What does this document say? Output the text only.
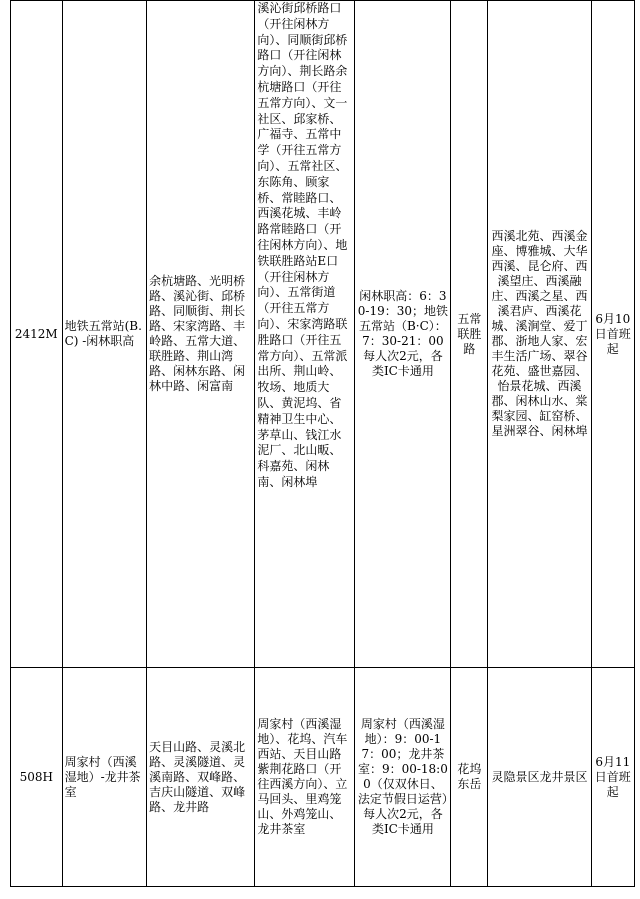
2412M	地铁五常站(B.C) -闲林职高	余杭塘路、光明桥路、溪沁街、邱桥路、同顺街、荆长路、宋家湾路、丰岭路、五常大道、联胜路、荆山湾路、闲林东路、闲林中路、闲富南	溪沁街邱桥路口（开往闲林方向）、同顺街邱桥路口（开往闲林方向）、荆长路余杭塘路口（开往五常方向）、文一社区、邱家桥、广福寺、五常中学（开往五常方向）、五常社区、东陈角、顾家桥、常睦路口、西溪花城、丰岭路常睦路口（开往闲林方向）、地铁联胜路站E口（开往闲林方向）、五常街道（开往五常方向）、宋家湾路联胜路口（开往五常方向）、五常派出所、荆山岭、牧场、地质大队、黄泥坞、省精神卫生中心、茅草山、钱江水泥厂、北山畈、科嘉苑、闲林南、闲林埠	闲林职高：6：30-19：30；地铁五常站（B·C）：7：30-21：00每人次2元，各类IC卡通用	五常联胜路	西溪北苑、西溪金座、博雅城、大华西溪、昆仑府、西溪望庄、西溪融庄、西溪之星、西溪君庐、西溪花城、溪涧堂、爱丁郡、浙地人家、宏丰生活广场、翠谷花苑、盛世嘉园、怡景花城、西溪郡、闲林山水、棠梨家园、缸窑桥、星洲翠谷、闲林埠	6月10日首班起
508H	周家村（西溪湿地）-龙井茶室	天目山路、灵溪北路、灵溪隧道、灵溪南路、双峰路、吉庆山隧道、双峰路、龙井路	周家村（西溪湿地）、花坞、汽车西站、天目山路紫荆花路口（开往西溪方向）、立马回头、里鸡笼山、外鸡笼山、龙井茶室	周家村（西溪湿地）：9：00-17：00；龙井茶室：9：00-18:00（仅双休日、法定节假日运营）每人次2元，各类IC卡通用	花坞东岳	灵隐景区龙井景区	6月11日首班起
